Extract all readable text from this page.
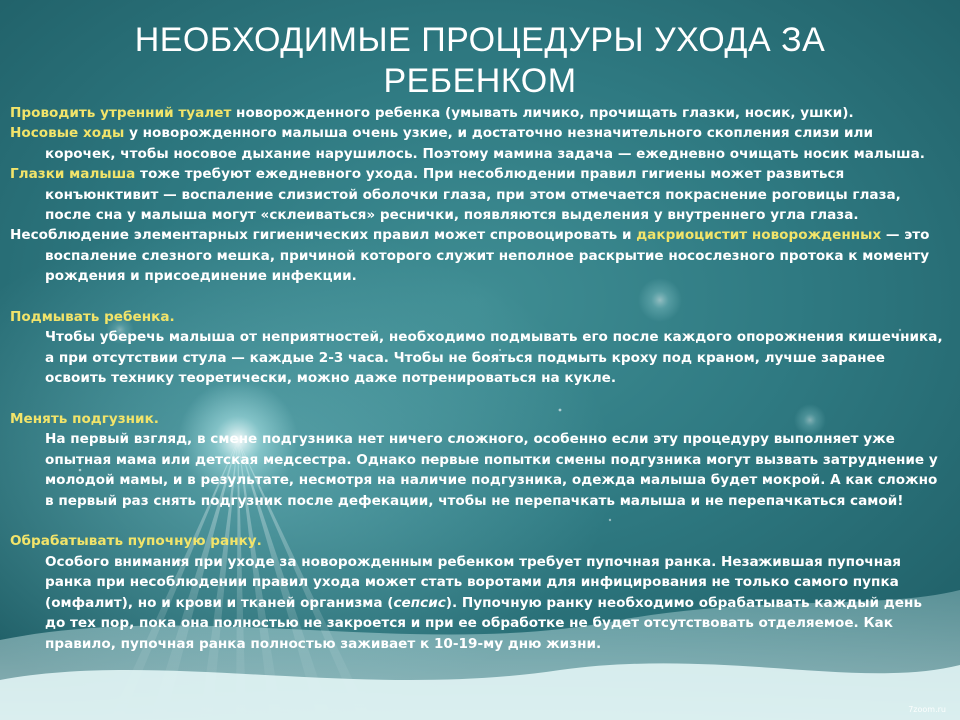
НЕОБХОДИМЫЕ ПРОЦЕДУРЫ УХОДА ЗА РЕБЕНКОМ

Проводить утренний туалет новорожденного ребенка (умывать личико, прочищать глазки, носик, ушки).

Носовые ходы у новорожденного малыша очень узкие, и достаточно незначительного скопления слизи или корочек, чтобы носовое дыхание нарушилось. Поэтому мамина задача — ежедневно очищать носик малыша.

Глазки малыша тоже требуют ежедневного ухода. При несоблюдении правил гигиены может развиться конъюнктивит — воспаление слизистой оболочки глаза, при этом отмечается покраснение роговицы глаза, после сна у малыша могут «склеиваться» реснички, появляются выделения у внутреннего угла глаза.

Несоблюдение элементарных гигиенических правил может спровоцировать и дакриоцистит новорожденных — это воспаление слезного мешка, причиной которого служит неполное раскрытие носослезного протока к моменту рождения и присоединение инфекции.

Подмывать ребенка.

Чтобы уберечь малыша от неприятностей, необходимо подмывать его после каждого опорожнения кишечника, а при отсутствии стула — каждые 2-3 часа. Чтобы не бояться подмыть кроху под краном, лучше заранее освоить технику теоретически, можно даже потренироваться на кукле.

Менять подгузник.

На первый взгляд, в смене подгузника нет ничего сложного, особенно если эту процедуру выполняет уже опытная мама или детская медсестра. Однако первые попытки смены подгузника могут вызвать затруднение у молодой мамы, и в результате, несмотря на наличие подгузника, одежда малыша будет мокрой. А как сложно в первый раз снять подгузник после дефекации, чтобы не перепачкать малыша и не перепачкаться самой!

Обрабатывать пупочную ранку.

Особого внимания при уходе за новорожденным ребенком требует пупочная ранка. Незажившая пупочная ранка при несоблюдении правил ухода может стать воротами для инфицирования не только самого пупка (омфалит), но и крови и тканей организма (сепсис). Пупочную ранку необходимо обрабатывать каждый день до тех пор, пока она полностью не закроется и при ее обработке не будет отсутствовать отделяемое. Как правило, пупочная ранка полностью заживает к 10-19-му дню жизни.

7zoom.ru
